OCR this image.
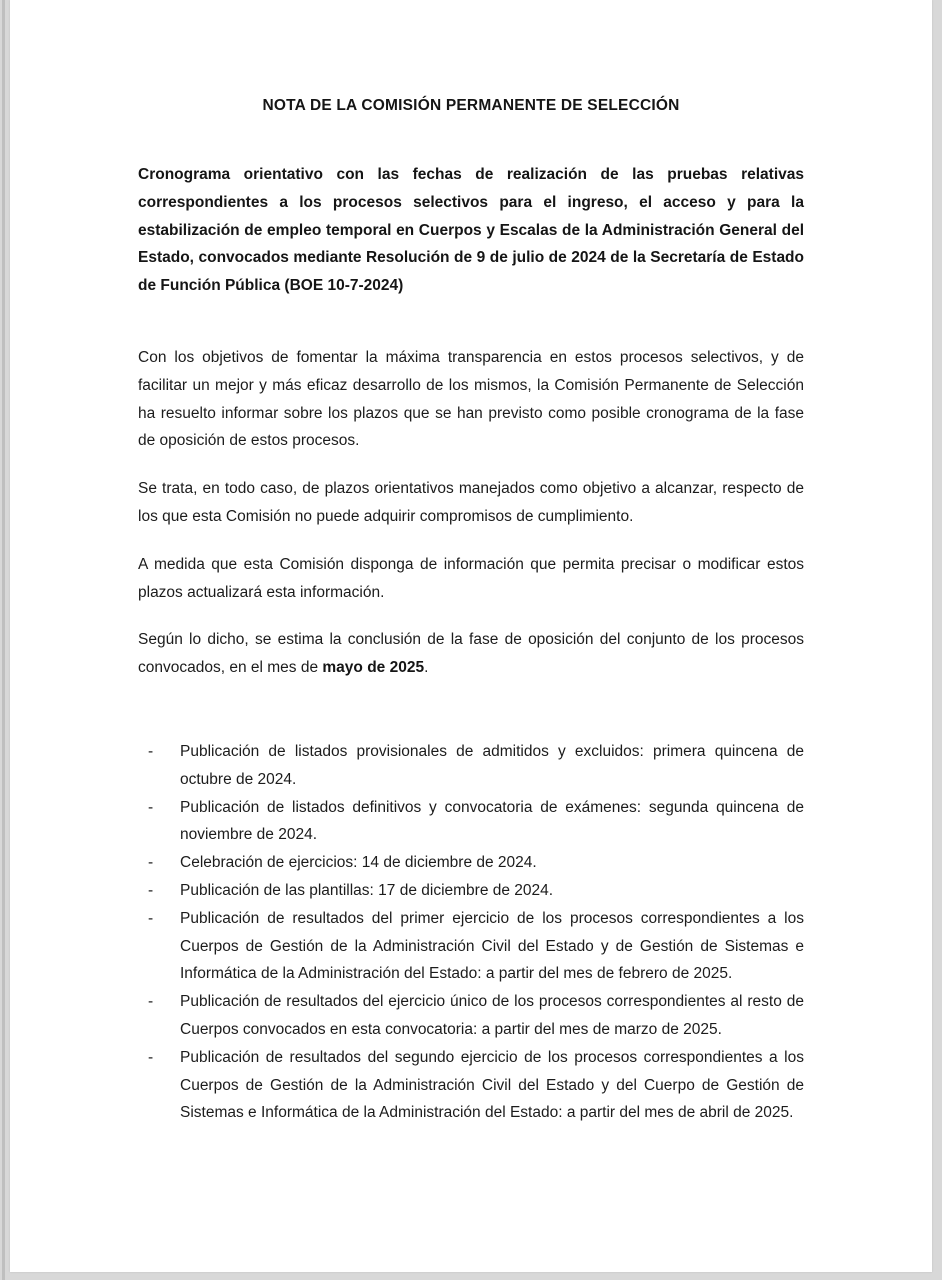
NOTA DE LA COMISIÓN PERMANENTE DE SELECCIÓN

Cronograma orientativo con las fechas de realización de las pruebas relativas correspondientes a los procesos selectivos para el ingreso, el acceso y para la estabilización de empleo temporal en Cuerpos y Escalas de la Administración General del Estado, convocados mediante Resolución de 9 de julio de 2024 de la Secretaría de Estado de Función Pública (BOE 10-7-2024)

Con los objetivos de fomentar la máxima transparencia en estos procesos selectivos, y de facilitar un mejor y más eficaz desarrollo de los mismos, la Comisión Permanente de Selección ha resuelto informar sobre los plazos que se han previsto como posible cronograma de la fase de oposición de estos procesos.

Se trata, en todo caso, de plazos orientativos manejados como objetivo a alcanzar, respecto de los que esta Comisión no puede adquirir compromisos de cumplimiento.

A medida que esta Comisión disponga de información que permita precisar o modificar estos plazos actualizará esta información.

Según lo dicho, se estima la conclusión de la fase de oposición del conjunto de los procesos convocados, en el mes de mayo de 2025.

-	Publicación de listados provisionales de admitidos y excluidos: primera quincena de octubre de 2024.
-	Publicación de listados definitivos y convocatoria de exámenes: segunda quincena de noviembre de 2024.
-	Celebración de ejercicios: 14 de diciembre de 2024.
-	Publicación de las plantillas: 17 de diciembre de 2024.
-	Publicación de resultados del primer ejercicio de los procesos correspondientes a los Cuerpos de Gestión de la Administración Civil del Estado y de Gestión de Sistemas e Informática de la Administración del Estado: a partir del mes de febrero de 2025.
-	Publicación de resultados del ejercicio único de los procesos correspondientes al resto de Cuerpos convocados en esta convocatoria: a partir del mes de marzo de 2025.
-	Publicación de resultados del segundo ejercicio de los procesos correspondientes a los Cuerpos de Gestión de la Administración Civil del Estado y del Cuerpo de Gestión de Sistemas e Informática de la Administración del Estado: a partir del mes de abril de 2025.
